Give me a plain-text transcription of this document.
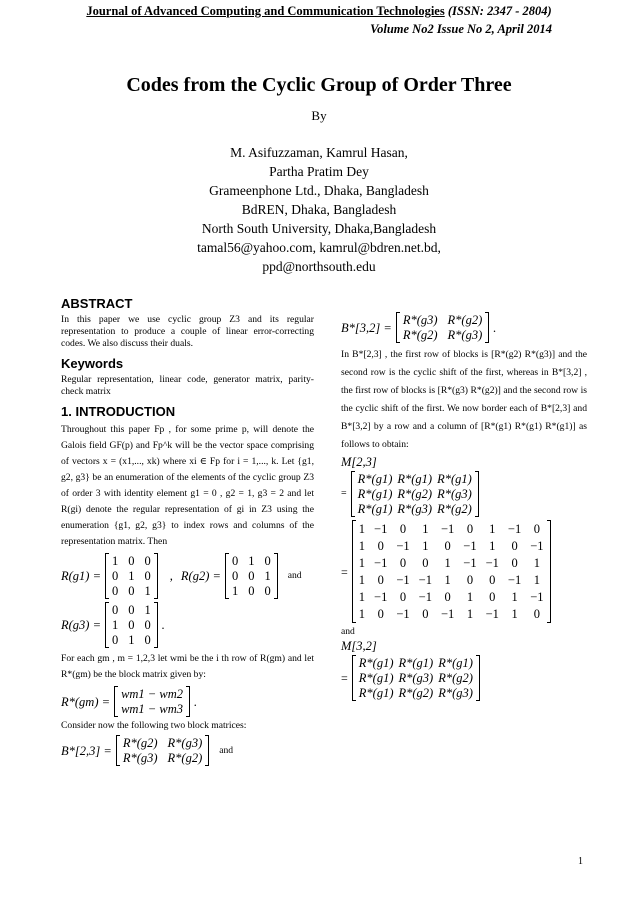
Journal of Advanced Computing and Communication Technologies (ISSN: 2347 - 2804)
Volume No2 Issue No 2, April 2014
Codes from the Cyclic Group of Order Three
By
M. Asifuzzaman, Kamrul Hasan,
Partha Pratim Dey
Grameenphone Ltd., Dhaka, Bangladesh
BdREN, Dhaka, Bangladesh
North South University, Dhaka,Bangladesh
tamal56@yahoo.com, kamrul@bdren.net.bd,
ppd@northsouth.edu
ABSTRACT

In this paper we use cyclic group Z3 and its regular representation to produce a couple of linear error-correcting codes. We also discuss their duals.

Keywords

Regular representation, linear code, generator matrix, parity-check matrix

1. INTRODUCTION

Throughout this paper Fp , for some prime p, will denote the Galois field GF(p) and Fp^k will be the vector space comprising of vectors x = (x1,..., xk) where xi ∈ Fp for i = 1,..., k. Let {g1, g2, g3} be an enumeration of the elements of the cyclic group Z3 of order 3 with identity element g1 = 0 , g2 = 1, g3 = 2 and let R(gi) denote the regular representation of gi in Z3 using the enumeration {g1, g2, g3} to index rows and columns of the representation matrix. Then

R(g1) =
1 0 0
0 1 0
0 0 1
, R(g2) =
0 1 0
0 0 1
1 0 0
and
R(g3) =
0 0 1
1 0 0
0 1 0
.

For each gm , m = 1,2,3 let wmi be the i th row of R(gm) and let R*(gm) be the block matrix given by:

R*(gm) =
wm1 − wm2
wm1 − wm3
.

Consider now the following two block matrices:

B*[2,3] =
R*(g2) R*(g3)
R*(g3) R*(g2)
and
B*[3,2] =
R*(g3) R*(g2)
R*(g2) R*(g3)
.

In B*[2,3] , the first row of blocks is [R*(g2) R*(g3)] and the second row is the cyclic shift of the first, whereas in B*[3,2] , the first row of blocks is [R*(g3) R*(g2)] and the second row is the cyclic shift of the first. We now border each of B*[2,3] and B*[3,2] by a row and a column of [R*(g1) R*(g1) R*(g1)] as follows to obtain:

M[2,3]
=
R*(g1) R*(g1) R*(g1)
R*(g1) R*(g2) R*(g3)
R*(g1) R*(g3) R*(g2)
=
1 −1 0 1 −1 0 1 −1 0
1 0 −1 1 0 −1 1 0 −1
1 −1 0 0 1 −1 −1 0 1
1 0 −1 −1 1 0 0 −1 1
1 −1 0 −1 0 1 0 1 −1
1 0 −1 0 −1 1 −1 1 0

and

M[3,2]
=
R*(g1) R*(g1) R*(g1)
R*(g1) R*(g3) R*(g2)
R*(g1) R*(g2) R*(g3)
1
